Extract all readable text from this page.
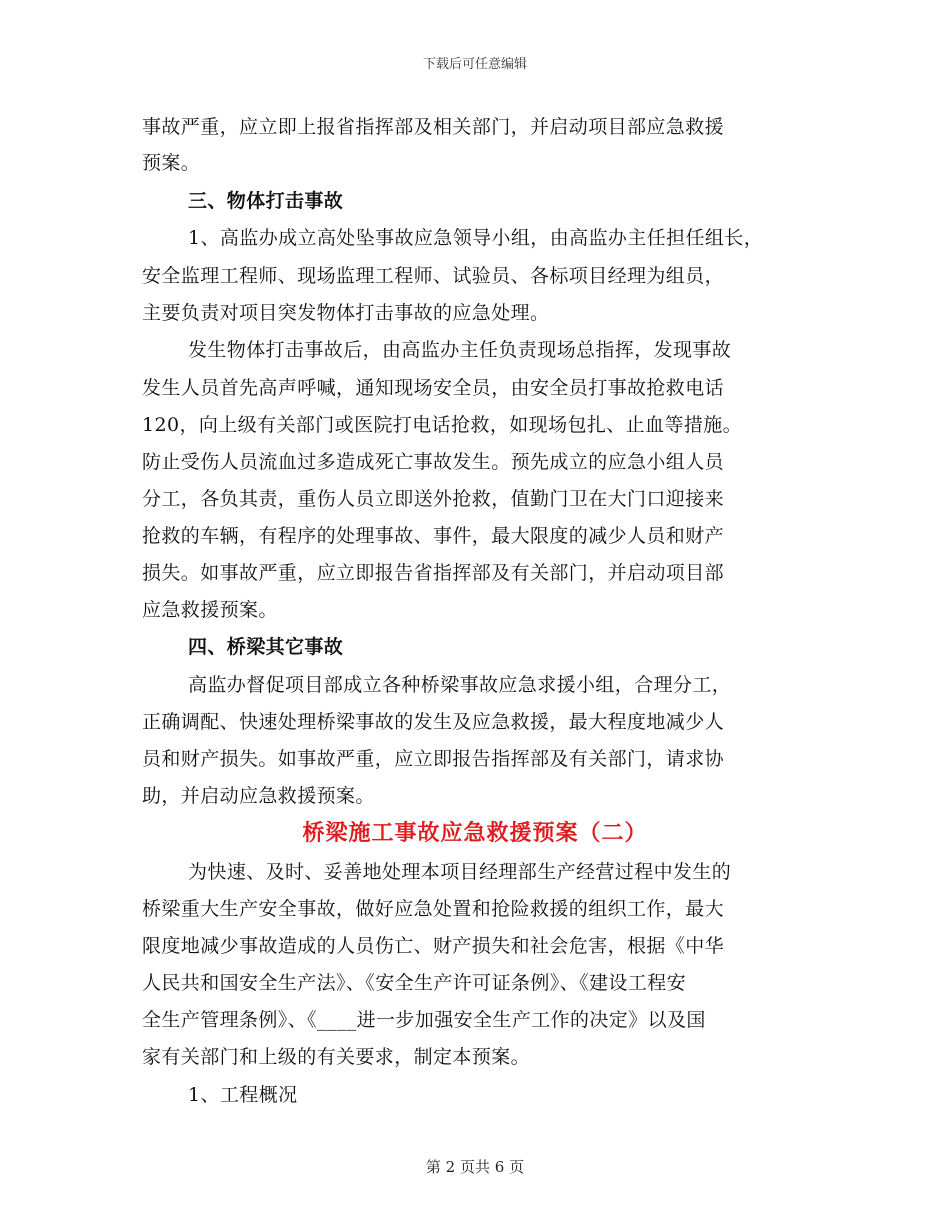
下载后可任意编辑
事故严重，应立即上报省指挥部及相关部门，并启动项目部应急救援
预案。
三、物体打击事故
1、高监办成立高处坠事故应急领导小组，由高监办主任担任组长，
安全监理工程师、现场监理工程师、试验员、各标项目经理为组员，
主要负责对项目突发物体打击事故的应急处理。
发生物体打击事故后，由高监办主任负责现场总指挥，发现事故
发生人员首先高声呼喊，通知现场安全员，由安全员打事故抢救电话
120，向上级有关部门或医院打电话抢救，如现场包扎、止血等措施。
防止受伤人员流血过多造成死亡事故发生。预先成立的应急小组人员
分工，各负其责，重伤人员立即送外抢救，值勤门卫在大门口迎接来
抢救的车辆，有程序的处理事故、事件，最大限度的减少人员和财产
损失。如事故严重，应立即报告省指挥部及有关部门，并启动项目部
应急救援预案。
四、桥梁其它事故
高监办督促项目部成立各种桥梁事故应急求援小组，合理分工，
正确调配、快速处理桥梁事故的发生及应急救援，最大程度地减少人
员和财产损失。如事故严重，应立即报告指挥部及有关部门，请求协
助，并启动应急救援预案。
桥梁施工事故应急救援预案（二）
为快速、及时、妥善地处理本项目经理部生产经营过程中发生的
桥梁重大生产安全事故，做好应急处置和抢险救援的组织工作，最大
限度地减少事故造成的人员伤亡、财产损失和社会危害，根据《中华
人民共和国安全生产法》、《安全生产许可证条例》、《建设工程安
全生产管理条例》、《____进一步加强安全生产工作的决定》以及国
家有关部门和上级的有关要求，制定本预案。
1、工程概况
第 2 页共 6 页
